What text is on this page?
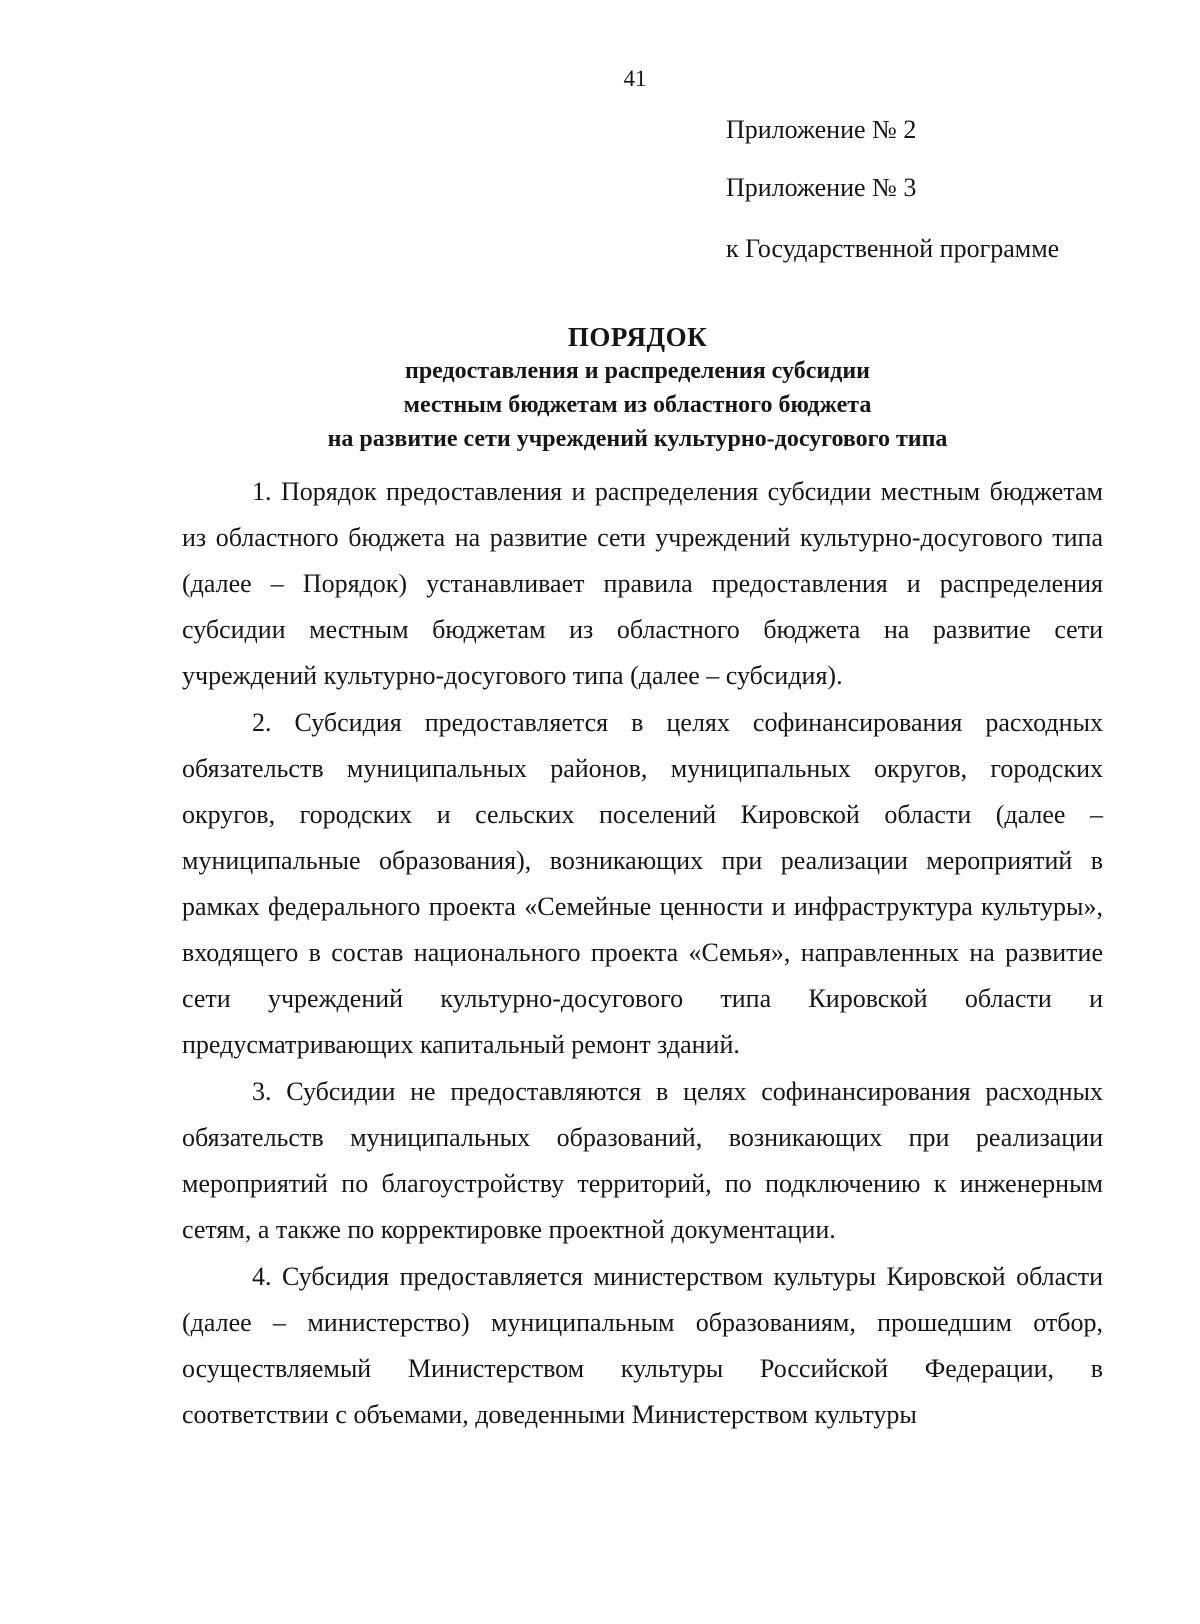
41
Приложение № 2
Приложение № 3
к Государственной программе
ПОРЯДОК
предоставления и распределения субсидии
местным бюджетам из областного бюджета
на развитие сети учреждений культурно-досугового типа

1. Порядок предоставления и распределения субсидии местным бюджетам из областного бюджета на развитие сети учреждений культурно-досугового типа (далее – Порядок) устанавливает правила предоставления и распределения субсидии местным бюджетам из областного бюджета на развитие сети учреждений культурно-досугового типа (далее – субсидия).

2. Субсидия предоставляется в целях софинансирования расходных обязательств муниципальных районов, муниципальных округов, городских округов, городских и сельских поселений Кировской области (далее – муниципальные образования), возникающих при реализации мероприятий в рамках федерального проекта «Семейные ценности и инфраструктура культуры», входящего в состав национального проекта «Семья», направленных на развитие сети учреждений культурно-досугового типа Кировской области и предусматривающих капитальный ремонт зданий.

3. Субсидии не предоставляются в целях софинансирования расходных обязательств муниципальных образований, возникающих при реализации мероприятий по благоустройству территорий, по подключению к инженерным сетям, а также по корректировке проектной документации.

4. Субсидия предоставляется министерством культуры Кировской области (далее – министерство) муниципальным образованиям, прошедшим отбор, осуществляемый Министерством культуры Российской Федерации, в соответствии с объемами, доведенными Министерством культуры
